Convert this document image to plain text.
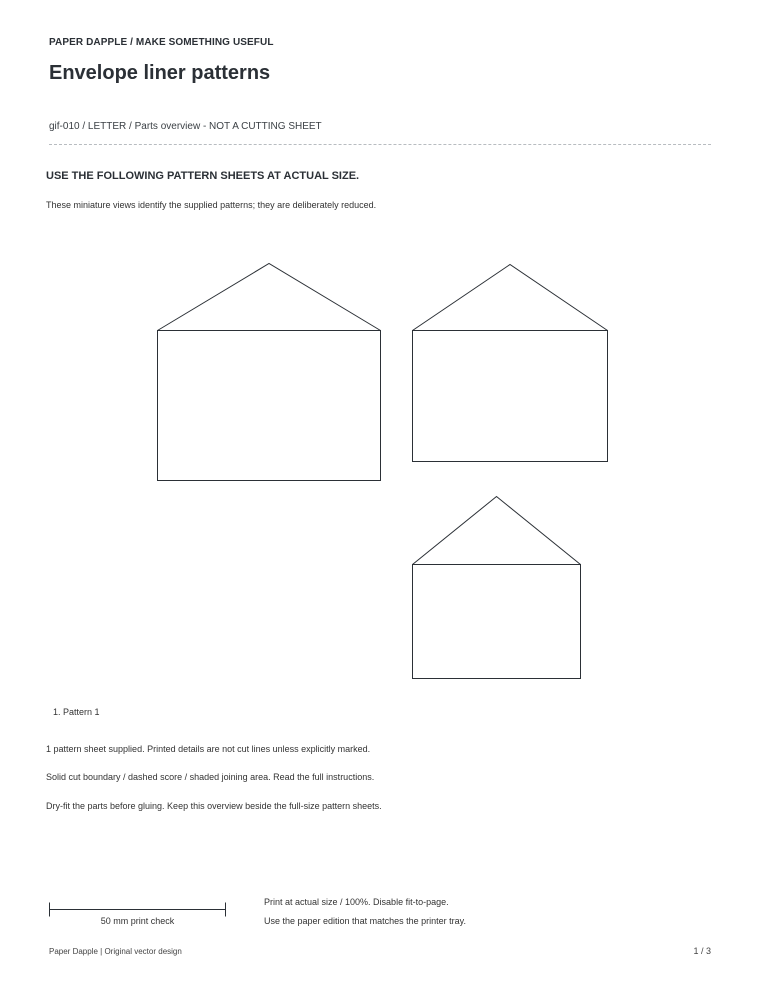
PAPER DAPPLE / MAKE SOMETHING USEFUL
Envelope liner patterns
gif-010 / LETTER / Parts overview - NOT A CUTTING SHEET
USE THE FOLLOWING PATTERN SHEETS AT ACTUAL SIZE.
These miniature views identify the supplied patterns; they are deliberately reduced.
1. Pattern 1
1 pattern sheet supplied. Printed details are not cut lines unless explicitly marked.
Solid cut boundary / dashed score / shaded joining area. Read the full instructions.
Dry-fit the parts before gluing. Keep this overview beside the full-size pattern sheets.
50 mm print check
Print at actual size / 100%. Disable fit-to-page.
Use the paper edition that matches the printer tray.
Paper Dapple | Original vector design	1 / 3
